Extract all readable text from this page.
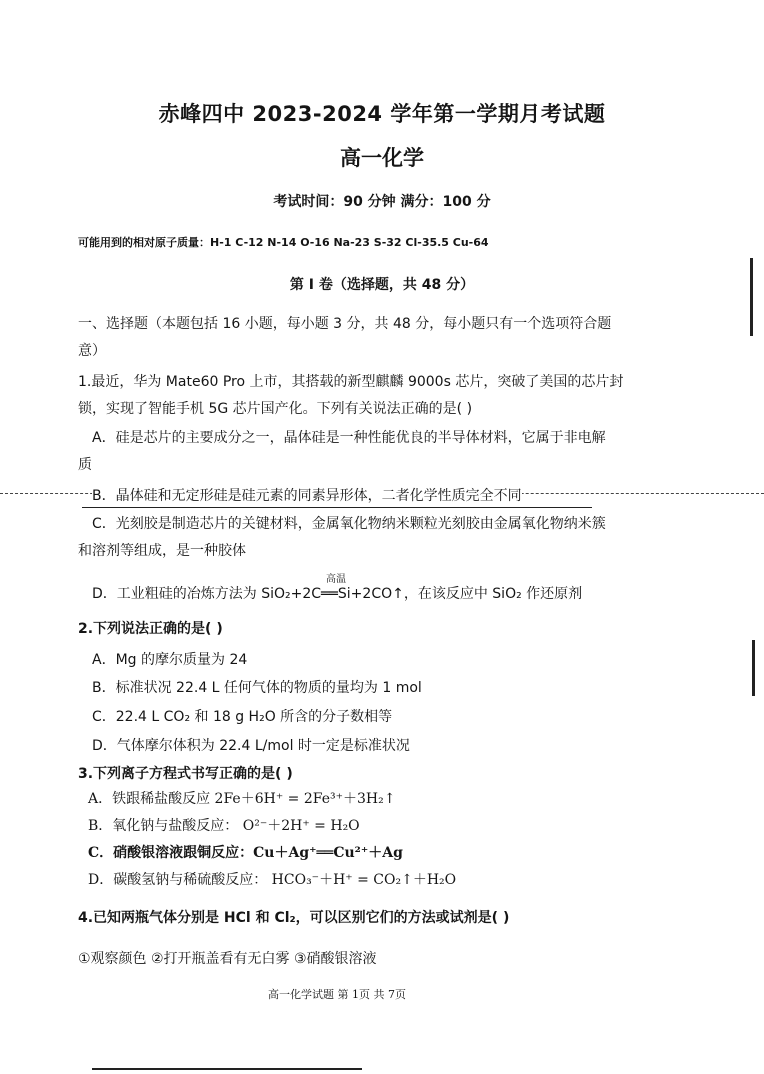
赤峰四中 2023-2024 学年第一学期月考试题
高一化学
考试时间：90 分钟 满分：100 分
可能用到的相对原子质量：H-1 C-12 N-14 O-16 Na-23 S-32 Cl-35.5 Cu-64
第 I 卷（选择题，共 48 分）
一、选择题（本题包括 16 小题，每小题 3 分，共 48 分，每小题只有一个选项符合题
意）
1.最近，华为 Mate60 Pro 上市，其搭载的新型麒麟 9000s 芯片，突破了美国的芯片封
锁，实现了智能手机 5G 芯片国产化。下列有关说法正确的是( )
A．硅是芯片的主要成分之一，晶体硅是一种性能优良的半导体材料，它属于非电解
质
B．晶体硅和无定形硅是硅元素的同素异形体，二者化学性质完全不同
C．光刻胶是制造芯片的关键材料，金属氧化物纳米颗粒光刻胶由金属氧化物纳米簇
和溶剂等组成，是一种胶体
高温
D．工业粗硅的冶炼方法为 SiO₂+2C══Si+2CO↑，在该反应中 SiO₂ 作还原剂
2.下列说法正确的是( )
A．Mg 的摩尔质量为 24
B．标准状况 22.4 L 任何气体的物质的量均为 1 mol
C．22.4 L CO₂ 和 18 g H₂O 所含的分子数相等
D．气体摩尔体积为 22.4 L/mol 时一定是标准状况
3.下列离子方程式书写正确的是( )
A．铁跟稀盐酸反应 2Fe＋6H⁺ = 2Fe³⁺＋3H₂↑
B．氧化钠与盐酸反应： O²⁻＋2H⁺ = H₂O
C．硝酸银溶液跟铜反应：Cu＋Ag⁺══Cu²⁺＋Ag
D．碳酸氢钠与稀硫酸反应： HCO₃⁻＋H⁺ = CO₂↑＋H₂O
4.已知两瓶气体分别是 HCl 和 Cl₂，可以区别它们的方法或试剂是( )
①观察颜色 ②打开瓶盖看有无白雾 ③硝酸银溶液
高一化学试题 第 1页 共 7页
